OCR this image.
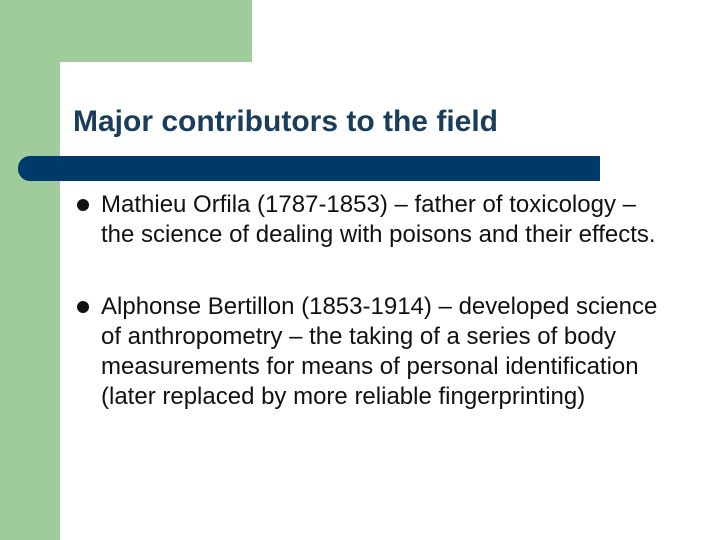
Major contributors to the field
Mathieu Orfila (1787-1853) – father of toxicology – the science of dealing with poisons and their effects.
Alphonse Bertillon (1853-1914) – developed science of anthropometry – the taking of a series of body measurements for means of personal identification (later replaced by more reliable fingerprinting)
